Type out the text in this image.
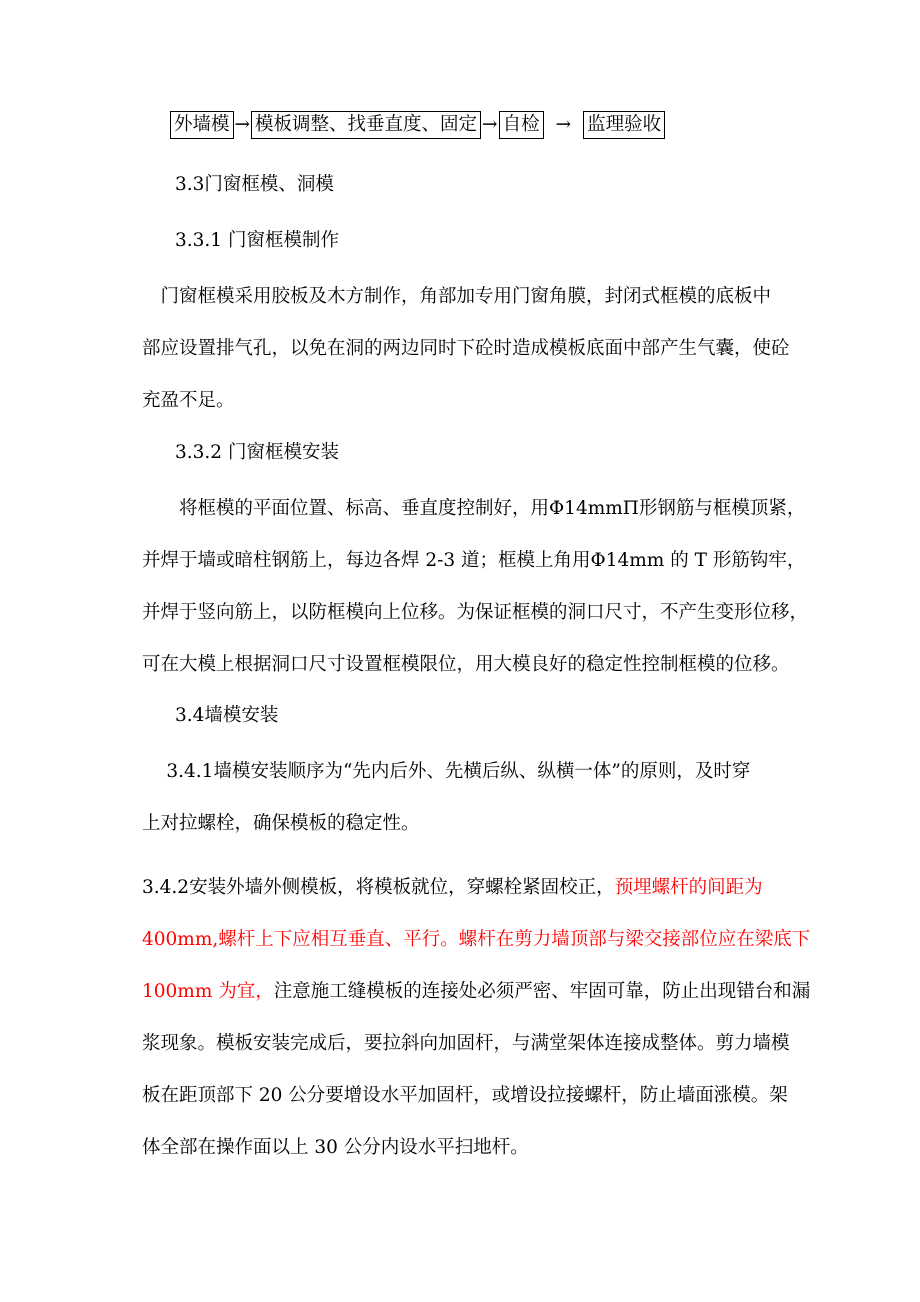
外墙模 → 模板调整、找垂直度、固定 → 自检 → 监理验收
3.3门窗框模、洞模
3.3.1 门窗框模制作
　门窗框模采用胶板及木方制作，角部加专用门窗角膜，封闭式框模的底板中
部应设置排气孔，以免在洞的两边同时下砼时造成模板底面中部产生气囊，使砼
充盈不足。
3.3.2 门窗框模安装
　　将框模的平面位置、标高、垂直度控制好，用Φ14mmΠ形钢筋与框模顶紧，
并焊于墙或暗柱钢筋上，每边各焊 2-3 道；框模上角用Φ14mm 的 T 形筋钩牢，
并焊于竖向筋上，以防框模向上位移。为保证框模的洞口尺寸，不产生变形位移，
可在大模上根据洞口尺寸设置框模限位，用大模良好的稳定性控制框模的位移。
3.4墙模安装
　 3.4.1墙模安装顺序为“先内后外、先横后纵、纵横一体”的原则，及时穿
上对拉螺栓，确保模板的稳定性。
3.4.2安装外墙外侧模板，将模板就位，穿螺栓紧固校正，预埋螺杆的间距为
400mm,螺杆上下应相互垂直、平行。螺杆在剪力墙顶部与梁交接部位应在梁底下
100mm 为宜，注意施工缝模板的连接处必须严密、牢固可靠，防止出现错台和漏
浆现象。模板安装完成后，要拉斜向加固杆，与满堂架体连接成整体。剪力墙模
板在距顶部下 20 公分要增设水平加固杆，或增设拉接螺杆，防止墙面涨模。架
体全部在操作面以上 30 公分内设水平扫地杆。
